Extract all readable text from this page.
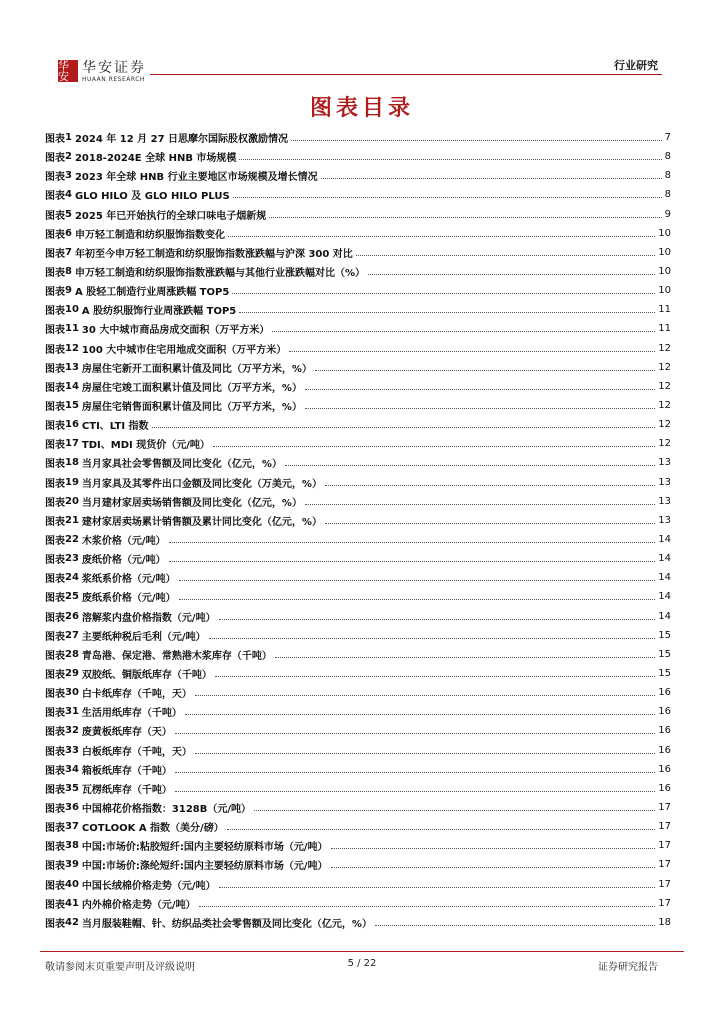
华安
华安证券
HUAAN RESEARCH
行业研究
图表目录
图表 1 2024 年 12 月 27 日思摩尔国际股权激励情况	7
图表 2 2018-2024E 全球 HNB 市场规模	8
图表 3 2023 年全球 HNB 行业主要地区市场规模及增长情况	8
图表 4 GLO HILO 及 GLO HILO PLUS	8
图表 5 2025 年已开始执行的全球口味电子烟新规	9
图表 6 申万轻工制造和纺织服饰指数变化	10
图表 7 年初至今申万轻工制造和纺织服饰指数涨跌幅与沪深 300 对比	10
图表 8 申万轻工制造和纺织服饰指数涨跌幅与其他行业涨跌幅对比（%）	10
图表 9 A 股轻工制造行业周涨跌幅 TOP5	10
图表 10 A 股纺织服饰行业周涨跌幅 TOP5	11
图表 11 30 大中城市商品房成交面积（万平方米）	11
图表 12 100 大中城市住宅用地成交面积（万平方米）	12
图表 13 房屋住宅新开工面积累计值及同比（万平方米，%）	12
图表 14 房屋住宅竣工面积累计值及同比（万平方米，%）	12
图表 15 房屋住宅销售面积累计值及同比（万平方米，%）	12
图表 16 CTI、LTI 指数	12
图表 17 TDI、MDI 现货价（元/吨）	12
图表 18 当月家具社会零售额及同比变化（亿元，%）	13
图表 19 当月家具及其零件出口金额及同比变化（万美元，%）	13
图表 20 当月建材家居卖场销售额及同比变化（亿元，%）	13
图表 21 建材家居卖场累计销售额及累计同比变化（亿元，%）	13
图表 22 木浆价格（元/吨）	14
图表 23 废纸价格（元/吨）	14
图表 24 浆纸系价格（元/吨）	14
图表 25 废纸系价格（元/吨）	14
图表 26 溶解浆内盘价格指数（元/吨）	14
图表 27 主要纸种税后毛利（元/吨）	15
图表 28 青岛港、保定港、常熟港木浆库存（千吨）	15
图表 29 双胶纸、铜版纸库存（千吨）	15
图表 30 白卡纸库存（千吨，天）	16
图表 31 生活用纸库存（千吨）	16
图表 32 废黄板纸库存（天）	16
图表 33 白板纸库存（千吨，天）	16
图表 34 箱板纸库存（千吨）	16
图表 35 瓦楞纸库存（千吨）	16
图表 36 中国棉花价格指数：3128B（元/吨）	17
图表 37 COTLOOK A 指数（美分/磅）	17
图表 38 中国:市场价:粘胶短纤:国内主要轻纺原料市场（元/吨）	17
图表 39 中国:市场价:涤纶短纤:国内主要轻纺原料市场（元/吨）	17
图表 40 中国长绒棉价格走势（元/吨）	17
图表 41 内外棉价格走势（元/吨）	17
图表 42 当月服装鞋帽、针、纺织品类社会零售额及同比变化（亿元，%）	18
敬请参阅末页重要声明及评级说明	5 / 22	证券研究报告
